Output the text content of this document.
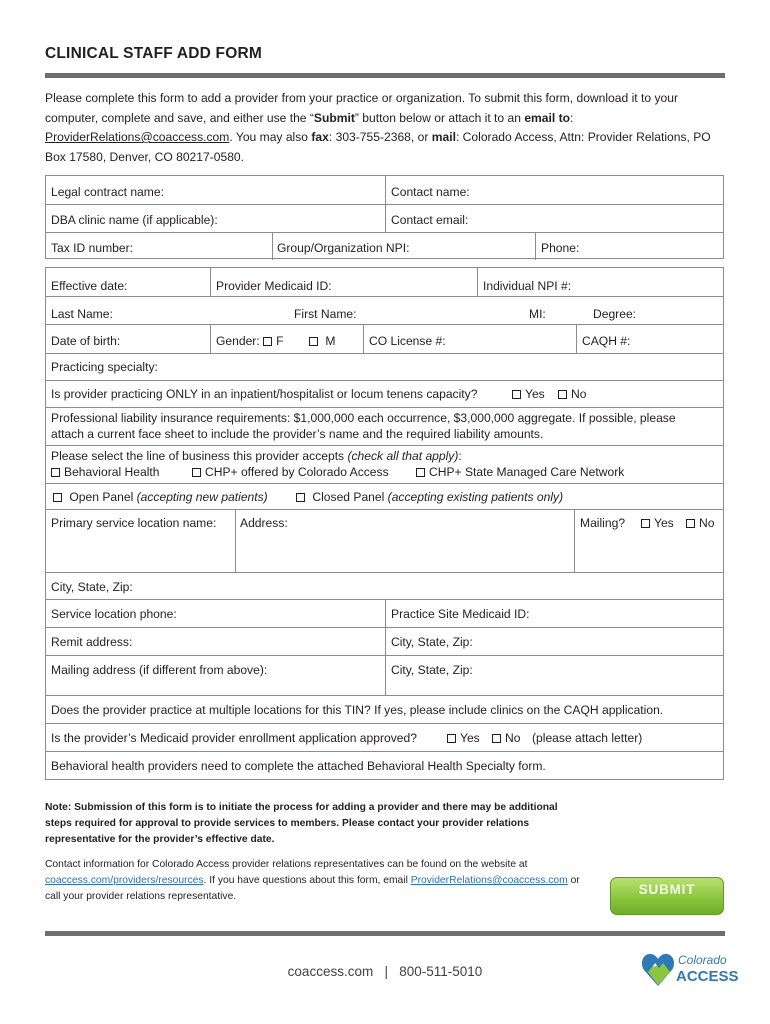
CLINICAL STAFF ADD FORM
Please complete this form to add a provider from your practice or organization. To submit this form, download it to your computer, complete and save, and either use the “Submit” button below or attach it to an email to: ProviderRelations@coaccess.com. You may also fax: 303-755-2368, or mail: Colorado Access, Attn: Provider Relations, PO Box 17580, Denver, CO 80217-0580.
Legal contract name:	Contact name:
DBA clinic name (if applicable):	Contact email:
Tax ID number:	Group/Organization NPI:	Phone:
Effective date:	Provider Medicaid ID:	Individual NPI #:
Last Name:	First Name:	MI:	Degree:
Date of birth:	Gender: F	M	CO License #:	CAQH #:
Practicing specialty:
Is provider practicing ONLY in an inpatient/hospitalist or locum tenens capacity?	Yes	No
Professional liability insurance requirements: $1,000,000 each occurrence, $3,000,000 aggregate. If possible, please
attach a current face sheet to include the provider’s name and the required liability amounts.
Please select the line of business this provider accepts (check all that apply):
Behavioral Health	CHP+ offered by Colorado Access	CHP+ State Managed Care Network
Open Panel (accepting new patients)	Closed Panel (accepting existing patients only)
Primary service location name: Address:	Mailing?	Yes	No
City, State, Zip:
Service location phone:	Practice Site Medicaid ID:
Remit address:	City, State, Zip:
Mailing address (if different from above):	City, State, Zip:
Does the provider practice at multiple locations for this TIN? If yes, please include clinics on the CAQH application.
Is the provider’s Medicaid provider enrollment application approved?	Yes	No (please attach letter)
Behavioral health providers need to complete the attached Behavioral Health Specialty form.
Note: Submission of this form is to initiate the process for adding a provider and there may be additional steps required for approval to provide services to members. Please contact your provider relations representative for the provider’s effective date.
Contact information for Colorado Access provider relations representatives can be found on the website at coaccess.com/providers/resources. If you have questions about this form, email ProviderRelations@coaccess.com or call your provider relations representative.	SUBMIT
coaccess.com | 800-511-5010
Colorado
ACCESS
